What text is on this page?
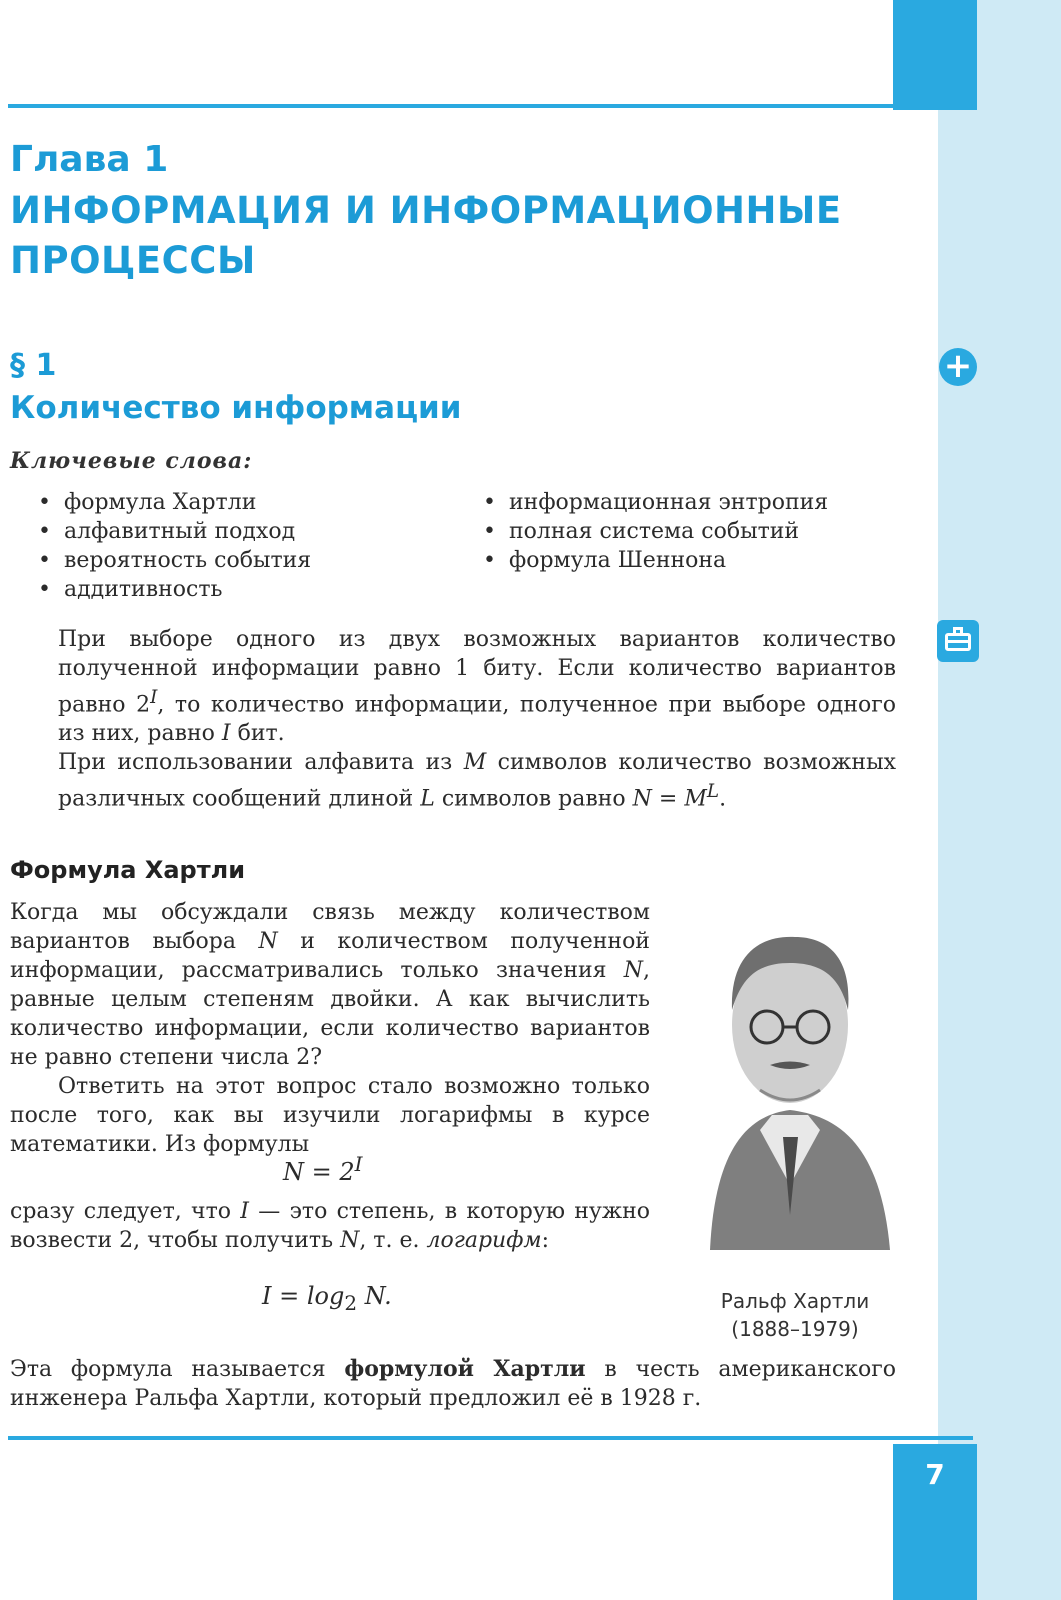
Глава 1
ИНФОРМАЦИЯ И ИНФОРМАЦИОННЫЕ ПРОЦЕССЫ
§ 1
Количество информации
+
Ключевые слова:
• формула Хартли
• алфавитный подход
• вероятность события
• аддитивность
• информационная энтропия
• полная система событий
• формула Шеннона

При выборе одного из двух возможных вариантов количество полученной информации равно 1 биту. Если количество вариантов равно $2^I$, то количество информации, полученное при выборе одного из них, равно I бит.

При использовании алфавита из M символов количество возможных различных сообщений длиной L символов равно $N = M^L$.

Формула Хартли

Когда мы обсуждали связь между количеством вариантов выбора N и количеством полученной информации, рассматривались только значения N, равные целым степеням двойки. А как вычислить количество информации, если количество вариантов не равно степени числа 2?

Ответить на этот вопрос стало возможно только после того, как вы изучили логарифмы в курсе математики. Из формулы

$N = 2^I$

сразу следует, что I — это степень, в которую нужно возвести 2, чтобы получить N, т. е. логарифм:

$I = \log_2 N$.

Эта формула называется формулой Хартли в честь американского инженера Ральфа Хартли, который предложил её в 1928 г.

Ральф Хартли
(1888–1979)
7
